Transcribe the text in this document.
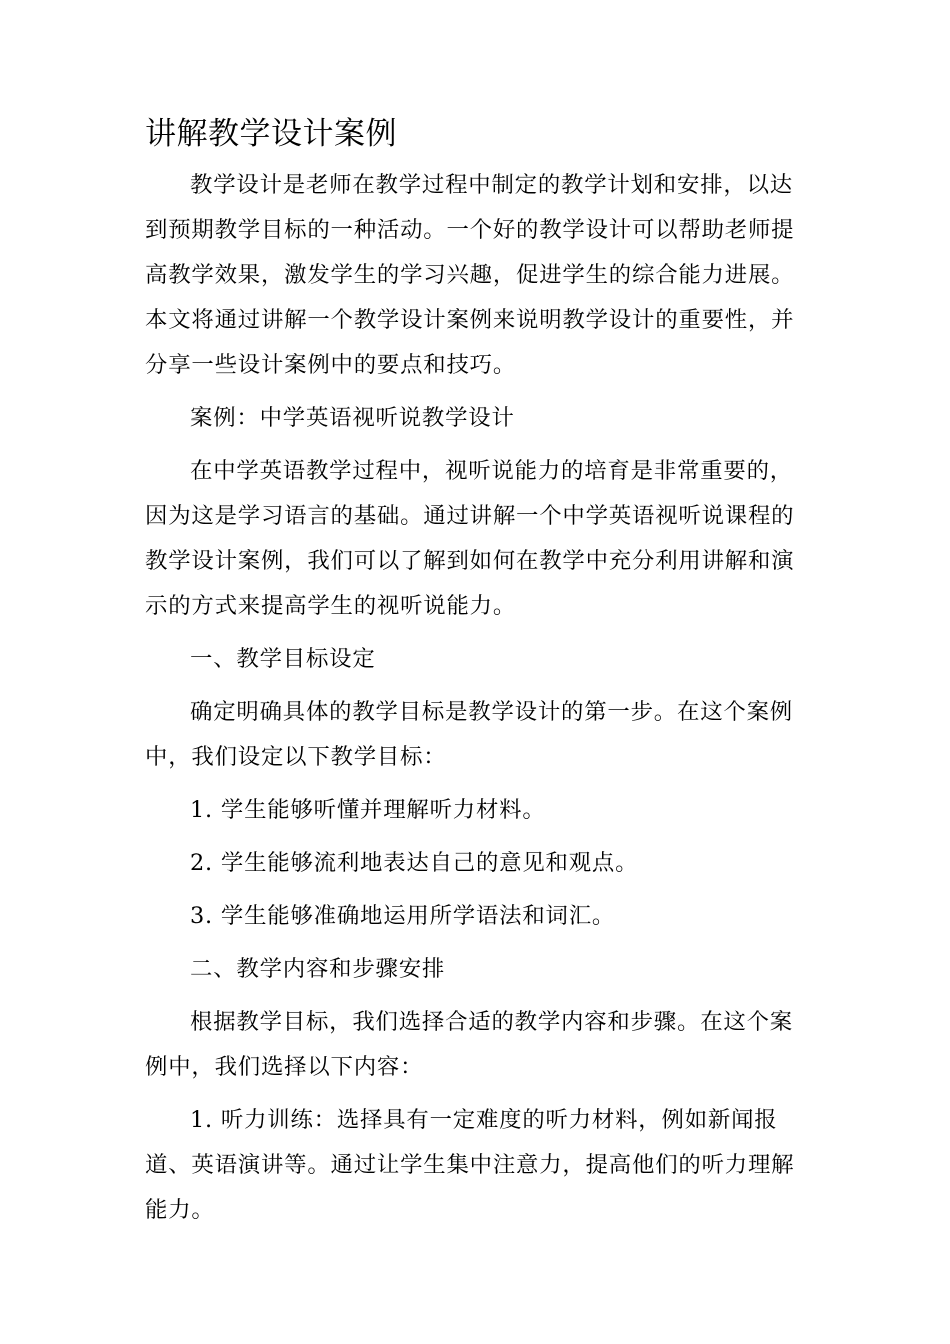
讲解教学设计案例

教学设计是老师在教学过程中制定的教学计划和安排，以达到预期教学目标的一种活动。一个好的教学设计可以帮助老师提高教学效果，激发学生的学习兴趣，促进学生的综合能力进展。本文将通过讲解一个教学设计案例来说明教学设计的重要性，并分享一些设计案例中的要点和技巧。

案例：中学英语视听说教学设计

在中学英语教学过程中，视听说能力的培育是非常重要的，因为这是学习语言的基础。通过讲解一个中学英语视听说课程的教学设计案例，我们可以了解到如何在教学中充分利用讲解和演示的方式来提高学生的视听说能力。

一、教学目标设定

确定明确具体的教学目标是教学设计的第一步。在这个案例中，我们设定以下教学目标：

1. 学生能够听懂并理解听力材料。

2. 学生能够流利地表达自己的意见和观点。

3. 学生能够准确地运用所学语法和词汇。

二、教学内容和步骤安排

根据教学目标，我们选择合适的教学内容和步骤。在这个案例中，我们选择以下内容：

1. 听力训练：选择具有一定难度的听力材料，例如新闻报道、英语演讲等。通过让学生集中注意力，提高他们的听力理解能力。
